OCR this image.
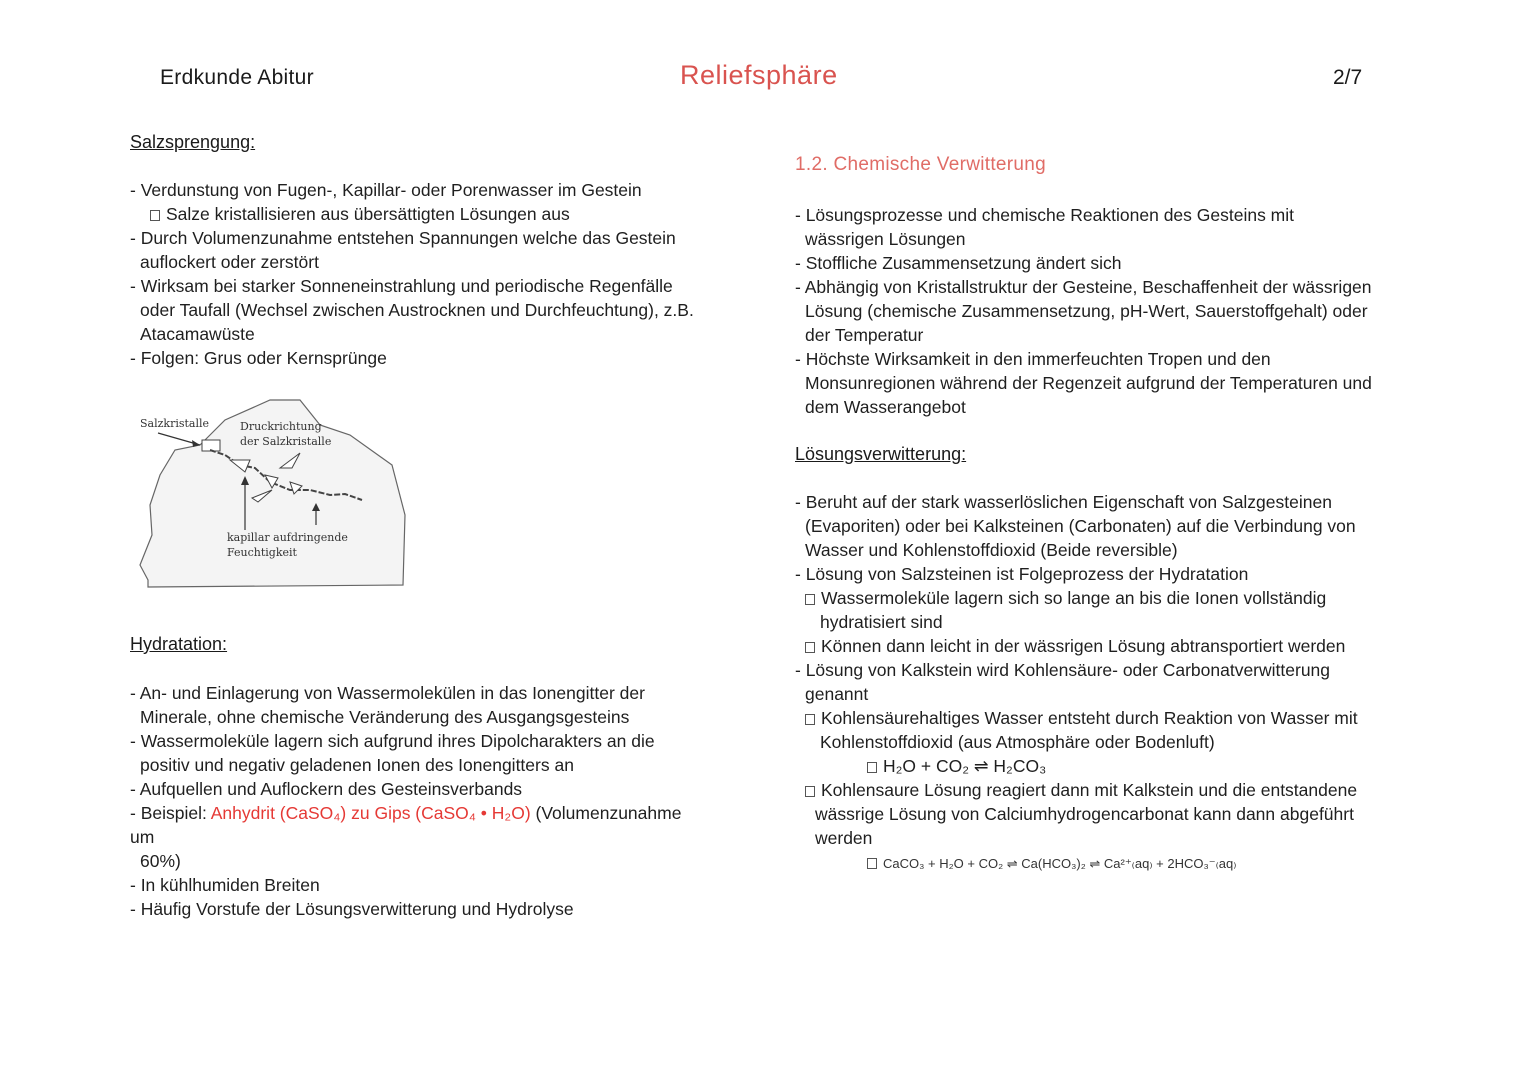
Erdkunde Abitur	Reliefsphäre	2/7
Salzsprengung:
- Verdunstung von Fugen-, Kapillar- oder Porenwasser im Gestein
Salze kristallisieren aus übersättigten Lösungen aus
- Durch Volumenzunahme entstehen Spannungen welche das Gestein
auflockert oder zerstört
- Wirksam bei starker Sonneneinstrahlung und periodische Regenfälle
oder Taufall (Wechsel zwischen Austrocknen und Durchfeuchtung), z.B.
Atacamawüste
- Folgen: Grus oder Kernsprünge
Salzkristalle	Druckrichtung
der Salzkristalle
kapillar aufdringende
Feuchtigkeit
Hydratation:
- An- und Einlagerung von Wassermolekülen in das Ionengitter der
Minerale, ohne chemische Veränderung des Ausgangsgesteins
- Wassermoleküle lagern sich aufgrund ihres Dipolcharakters an die
positiv und negativ geladenen Ionen des Ionengitters an
- Aufquellen und Auflockern des Gesteinsverbands
- Beispiel: Anhydrit (CaSO₄) zu Gips (CaSO₄ • H₂O) (Volumenzunahme
um
60%)
- In kühlhumiden Breiten
- Häufig Vorstufe der Lösungsverwitterung und Hydrolyse
1.2. Chemische Verwitterung
- Lösungsprozesse und chemische Reaktionen des Gesteins mit
wässrigen Lösungen
- Stoffliche Zusammensetzung ändert sich
- Abhängig von Kristallstruktur der Gesteine, Beschaffenheit der wässrigen
Lösung (chemische Zusammensetzung, pH-Wert, Sauerstoffgehalt) oder
der Temperatur
- Höchste Wirksamkeit in den immerfeuchten Tropen und den
Monsunregionen während der Regenzeit aufgrund der Temperaturen und
dem Wasserangebot
Lösungsverwitterung:
- Beruht auf der stark wasserlöslichen Eigenschaft von Salzgesteinen
(Evaporiten) oder bei Kalksteinen (Carbonaten) auf die Verbindung von
Wasser und Kohlenstoffdioxid (Beide reversible)
- Lösung von Salzsteinen ist Folgeprozess der Hydratation
Wassermoleküle lagern sich so lange an bis die Ionen vollständig
hydratisiert sind
Können dann leicht in der wässrigen Lösung abtransportiert werden
- Lösung von Kalkstein wird Kohlensäure- oder Carbonatverwitterung
genannt
Kohlensäurehaltiges Wasser entsteht durch Reaktion von Wasser mit
Kohlenstoffdioxid (aus Atmosphäre oder Bodenluft)
H₂O + CO₂ ⇌ H₂CO₃
Kohlensaure Lösung reagiert dann mit Kalkstein und die entstandene
wässrige Lösung von Calciumhydrogencarbonat kann dann abgeführt
werden
CaCO₃ + H₂O + CO₂ ⇌ Ca(HCO₃)₂ ⇌ Ca²⁺₍aq₎ + 2HCO₃⁻₍aq₎
